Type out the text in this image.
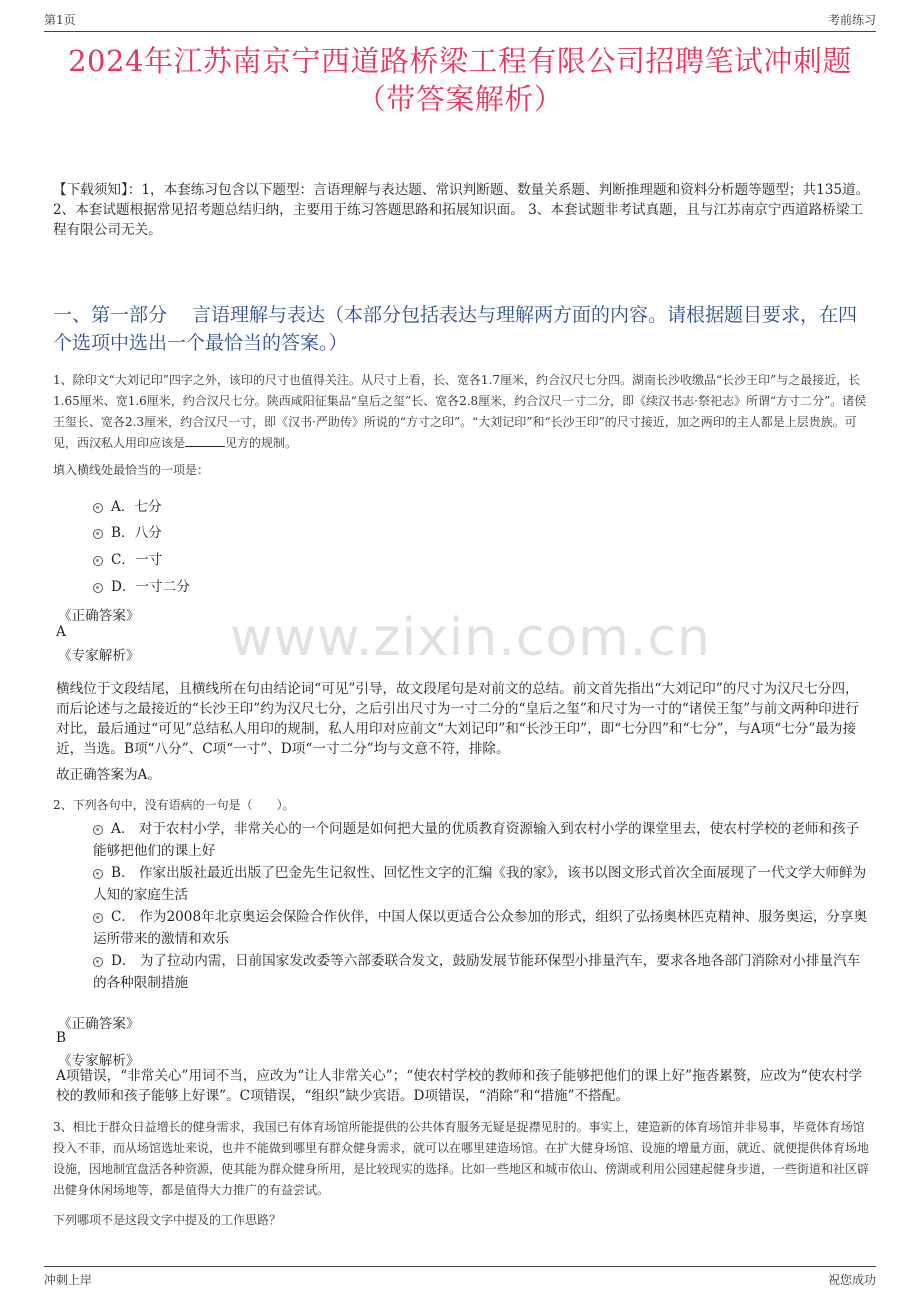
第1页	考前练习
2024年江苏南京宁西道路桥梁工程有限公司招聘笔试冲刺题
（带答案解析）
【下载须知】：1，本套练习包含以下题型：言语理解与表达题、常识判断题、数量关系题、判断推理题和资料分析题等题型；共135道。 2、本套试题根据常见招考题总结归纳，主要用于练习答题思路和拓展知识面。 3、本套试题非考试真题，且与江苏南京宁西道路桥梁工程有限公司无关。
一、第一部分　 言语理解与表达（本部分包括表达与理解两方面的内容。请根据题目要求，在四个选项中选出一个最恰当的答案。）
www.zixin.com.cn
1、除印文“大刘记印”四字之外，该印的尺寸也值得关注。从尺寸上看，长、宽各1.7厘米，约合汉尺七分四。湖南长沙收缴品“长沙王印”与之最接近，长1.65厘米、宽1.6厘米，约合汉尺七分。陕西咸阳征集品“皇后之玺”长、宽各2.8厘米，约合汉尺一寸二分，即《续汉书志·祭祀志》所谓“方寸二分”。诸侯王玺长、宽各2.3厘米，约合汉尺一寸，即《汉书·严助传》所说的“方寸之印”。“大刘记印”和“长沙王印”的尺寸接近，加之两印的主人都是上层贵族。可见，西汉私人用印应该是	见方的规制。
填入横线处最恰当的一项是：
A．七分
B．八分
C．一寸
D．一寸二分
《正确答案》
A
《专家解析》
横线位于文段结尾，且横线所在句由结论词“可见”引导，故文段尾句是对前文的总结。前文首先指出“大刘记印”的尺寸为汉尺七分四，而后论述与之最接近的“长沙王印”约为汉尺七分，之后引出尺寸为一寸二分的“皇后之玺”和尺寸为一寸的“诸侯王玺”与前文两种印进行对比，最后通过“可见”总结私人用印的规制，私人用印对应前文“大刘记印”和“长沙王印”，即“七分四”和“七分”，与A项“七分”最为接近，当选。B项“八分”、C项“一寸”、D项“一寸二分”均与文意不符，排除。
故正确答案为A。
2、下列各句中，没有语病的一句是（　　）。
A． 对于农村小学，非常关心的一个问题是如何把大量的优质教育资源输入到农村小学的课堂里去，使农村学校的老师和孩子能够把他们的课上好
B． 作家出版社最近出版了巴金先生记叙性、回忆性文字的汇编《我的家》，该书以图文形式首次全面展现了一代文学大师鲜为人知的家庭生活
C． 作为2008年北京奥运会保险合作伙伴，中国人保以更适合公众参加的形式，组织了弘扬奥林匹克精神、服务奥运，分享奥运所带来的激情和欢乐
D． 为了拉动内需，日前国家发改委等六部委联合发文，鼓励发展节能环保型小排量汽车，要求各地各部门消除对小排量汽车的各种限制措施
《正确答案》
B
《专家解析》
A项错误，“非常关心”用词不当，应改为“让人非常关心”；“使农村学校的教师和孩子能够把他们的课上好”拖沓累赘，应改为“使农村学校的教师和孩子能够上好课”。C项错误，“组织”缺少宾语。D项错误，“消除”和“措施”不搭配。
3、相比于群众日益增长的健身需求，我国已有体育场馆所能提供的公共体育服务无疑是捉襟见肘的。事实上，建造新的体育场馆并非易事，毕竟体育场馆投入不菲，而从场馆选址来说，也并不能做到哪里有群众健身需求，就可以在哪里建造场馆。在扩大健身场馆、设施的增量方面，就近、就便提供体育场地设施，因地制宜盘活各种资源，使其能为群众健身所用，是比较现实的选择。比如一些地区和城市依山、傍湖或利用公园建起健身步道，一些街道和社区辟出健身休闲场地等，都是值得大力推广的有益尝试。
下列哪项不是这段文字中提及的工作思路？
冲刺上岸	祝您成功
